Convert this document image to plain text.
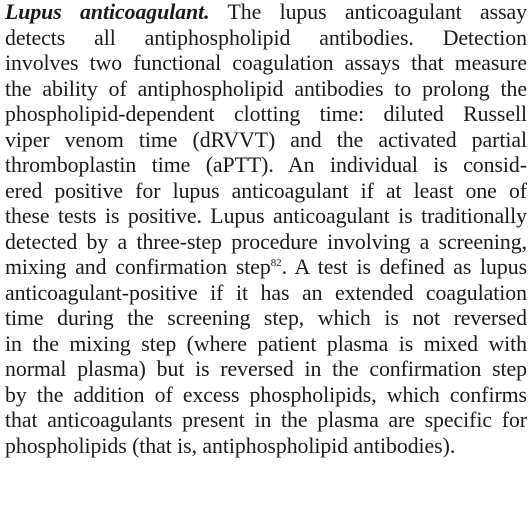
Lupus anticoagulant. The lupus anticoagulant assay
detects all antiphospholipid antibodies. Detection
involves two functional coagulation assays that measure
the ability of antiphospholipid antibodies to prolong the
phospholipid-dependent clotting time: diluted Russell
viper venom time (dRVVT) and the activated partial
thromboplastin time (aPTT). An individual is consid-
ered positive for lupus anticoagulant if at least one of
these tests is positive. Lupus anticoagulant is traditionally
detected by a three-step procedure involving a screening,
mixing and confirmation step$^{82}$. A test is defined as lupus
anticoagulant-positive if it has an extended coagulation
time during the screening step, which is not reversed
in the mixing step (where patient plasma is mixed with
normal plasma) but is reversed in the confirmation step
by the addition of excess phospholipids, which confirms
that anticoagulants present in the plasma are specific for
phospholipids (that is, antiphospholipid antibodies).
